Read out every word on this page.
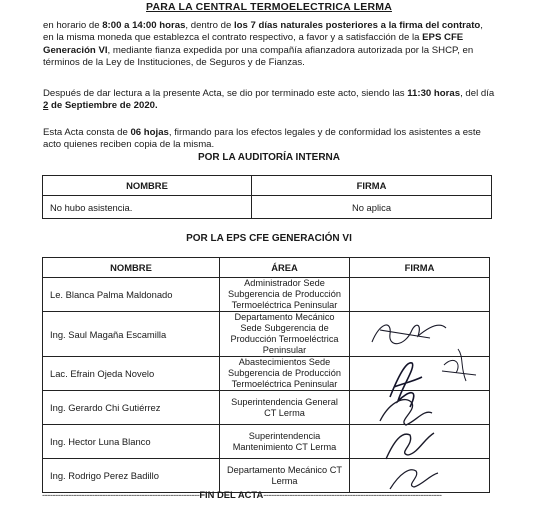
PARA LA CENTRAL TERMOELECTRICA LERMA
en horario de 8:00 a 14:00 horas, dentro de los 7 días naturales posteriores a la firma del contrato, en la misma moneda que establezca el contrato respectivo, a favor y a satisfacción de la EPS CFE Generación VI, mediante fianza expedida por una compañía afianzadora autorizada por la SHCP, en términos de la Ley de Instituciones, de Seguros y de Fianzas.
Después de dar lectura a la presente Acta, se dio por terminado este acto, siendo las 11:30 horas, del día 2 de Septiembre de 2020.
Esta Acta consta de 06 hojas, firmando para los efectos legales y de conformidad los asistentes a este acto quienes reciben copia de la misma.
POR LA AUDITORÍA INTERNA
NOMBRE	FIRMA
No hubo asistencia.	No aplica
POR LA EPS CFE GENERACIÓN VI
NOMBRE	ÁREA	FIRMA
Le. Blanca Palma Maldonado	Administrador Sede
Subgerencia de Producción
Termoeléctrica Peninsular	
Ing. Saul Magaña Escamilla	Departamento Mecánico
Sede Subgerencia de
Producción Termoeléctrica
Peninsular	

Lac. Efrain Ojeda Novelo	Abastecimientos Sede
Subgerencia de Producción
Termoeléctrica Peninsular	

Ing. Gerardo Chi Gutiérrez	Superintendencia General
CT Lerma	

Ing. Hector Luna Blanco	Superintendencia
Mantenimiento CT Lerma	

Ing. Rodrigo Perez Badillo	Departamento Mecánico CT
Lerma	
------------------------------------------------------------FIN DEL ACTA--------------------------------------------------------------------
